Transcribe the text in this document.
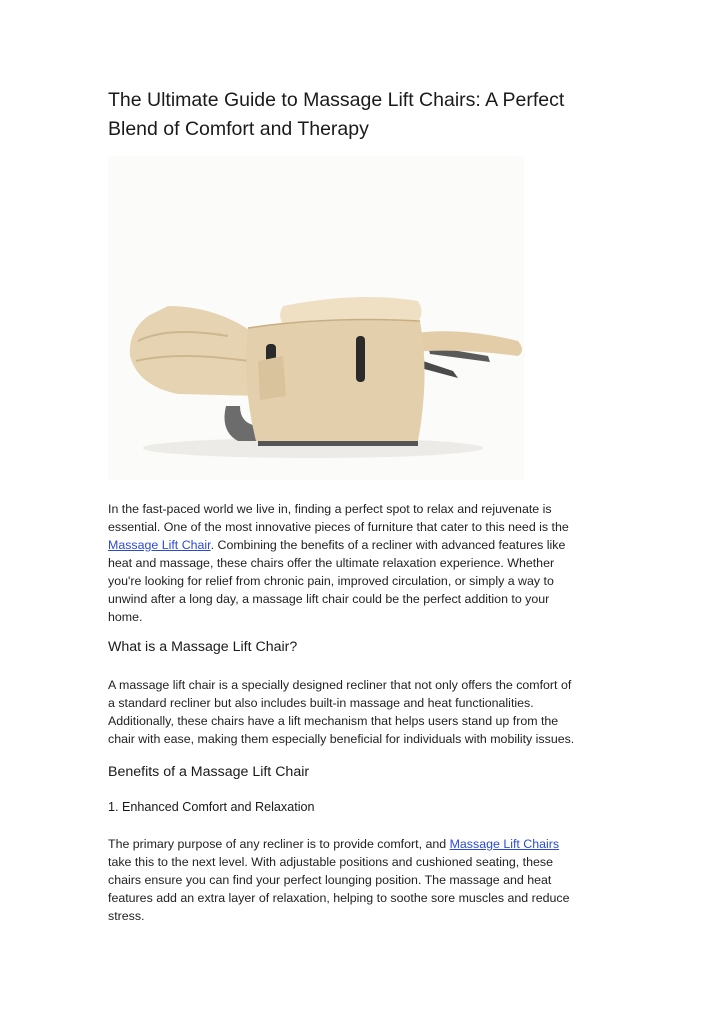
The Ultimate Guide to Massage Lift Chairs: A Perfect
Blend of Comfort and Therapy

In the fast-paced world we live in, finding a perfect spot to relax and rejuvenate is
essential. One of the most innovative pieces of furniture that cater to this need is the
Massage Lift Chair. Combining the benefits of a recliner with advanced features like
heat and massage, these chairs offer the ultimate relaxation experience. Whether
you're looking for relief from chronic pain, improved circulation, or simply a way to
unwind after a long day, a massage lift chair could be the perfect addition to your
home.

What is a Massage Lift Chair?

A massage lift chair is a specially designed recliner that not only offers the comfort of
a standard recliner but also includes built-in massage and heat functionalities.
Additionally, these chairs have a lift mechanism that helps users stand up from the
chair with ease, making them especially beneficial for individuals with mobility issues.

Benefits of a Massage Lift Chair
1. Enhanced Comfort and Relaxation

The primary purpose of any recliner is to provide comfort, and Massage Lift Chairs
take this to the next level. With adjustable positions and cushioned seating, these
chairs ensure you can find your perfect lounging position. The massage and heat
features add an extra layer of relaxation, helping to soothe sore muscles and reduce
stress.
